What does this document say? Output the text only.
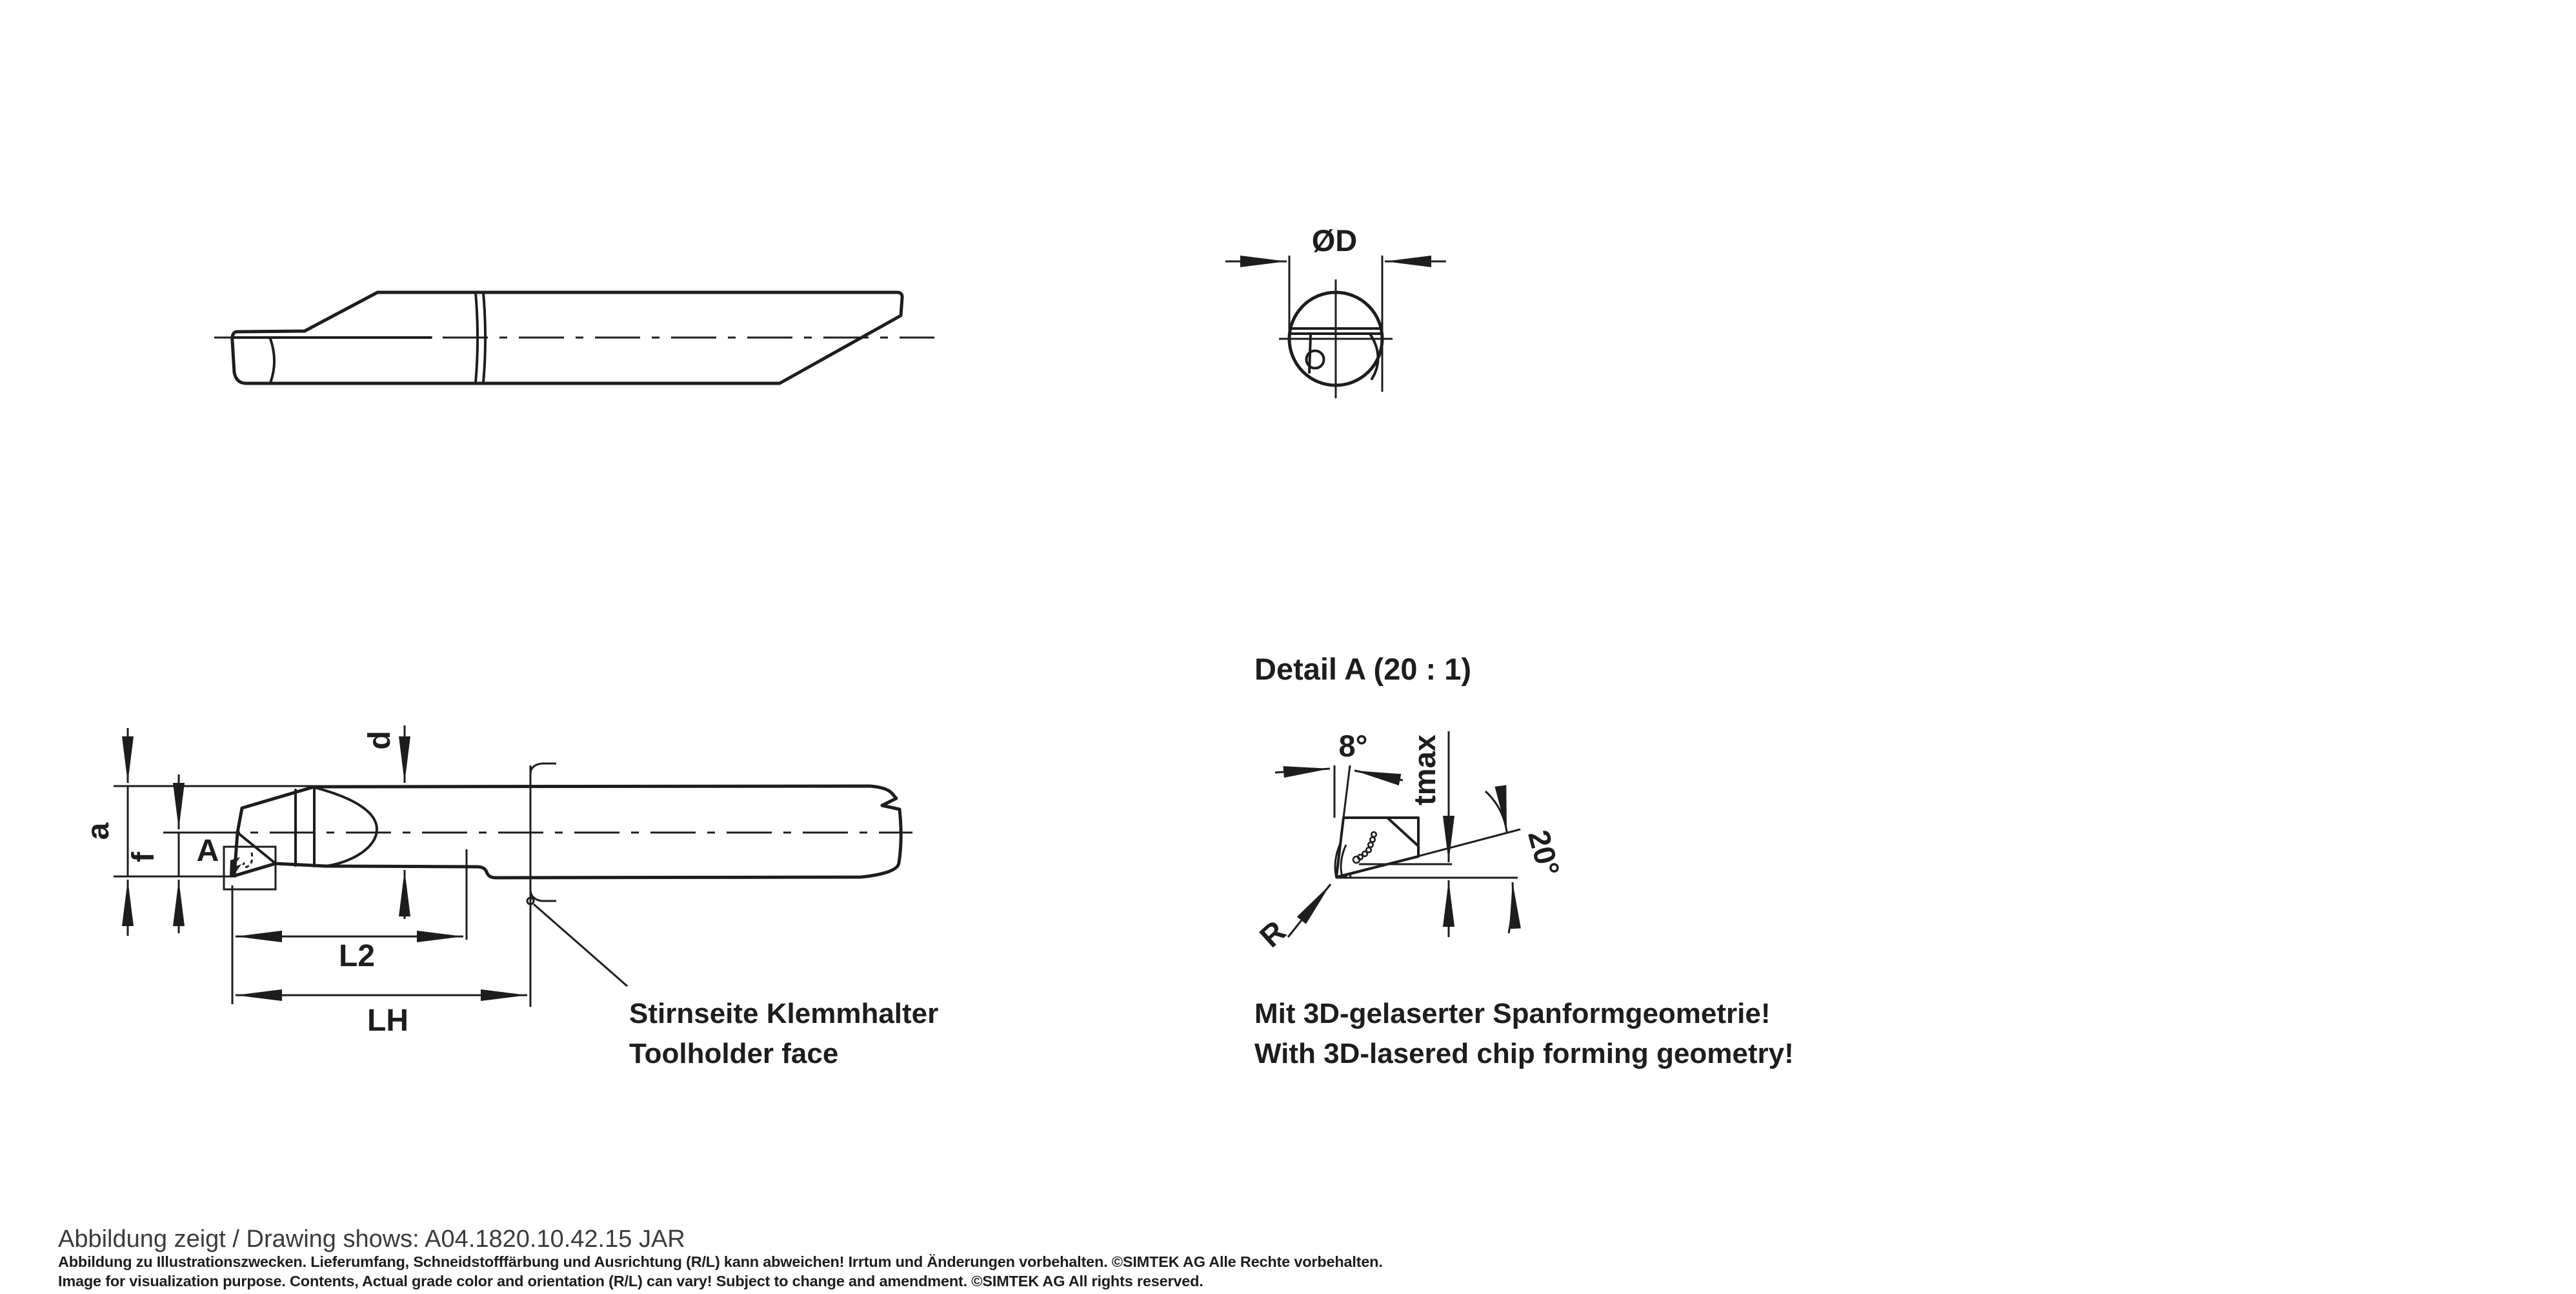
ØD
a
f
d
A
L2
LH
Detail A (20 : 1)
8° tmax
20°
R
Stirnseite Klemmhalter
Toolholder face
Mit 3D-gelaserter Spanformgeometrie!
With 3D-lasered chip forming geometry!
Abbildung zeigt / Drawing shows: A04.1820.10.42.15 JAR
Abbildung zu Illustrationszwecken. Lieferumfang, Schneidstofffärbung und Ausrichtung (R/L) kann abweichen! Irrtum und Änderungen vorbehalten. ©SIMTEK AG Alle Rechte vorbehalten.
Image for visualization purpose. Contents, Actual grade color and orientation (R/L) can vary! Subject to change and amendment. ©SIMTEK AG All rights reserved.
